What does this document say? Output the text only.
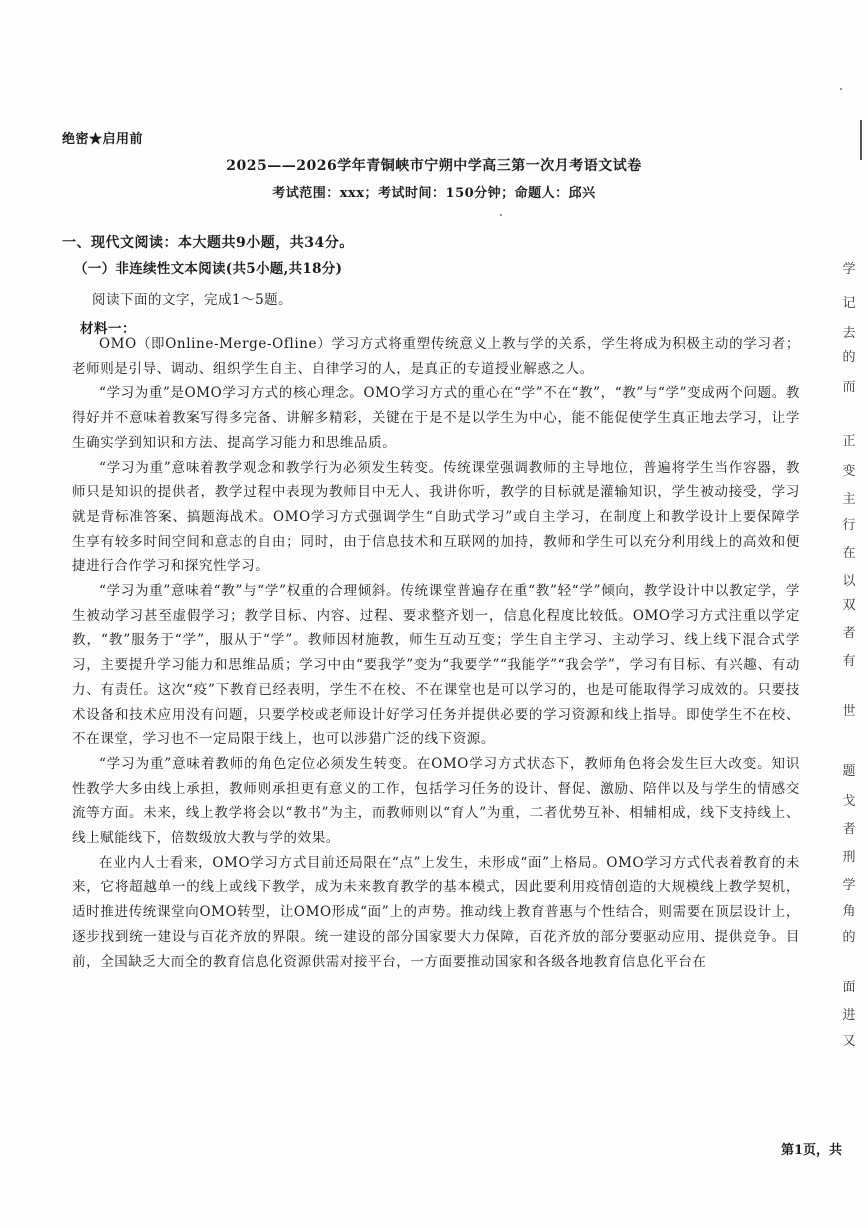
绝密★启用前
2025——2026学年青铜峡市宁朔中学高三第一次月考语文试卷
考试范围：xxx；考试时间：150分钟；命题人：邱兴
一、现代文阅读：本大题共9小题，共34分。
（一）非连续性文本阅读(共5小题,共18分)
阅读下面的文字，完成1～5题。
材料一：

OMO（即Online-Merge-Ofline）学习方式将重塑传统意义上教与学的关系，学生将成为积极主动的学习者；老师则是引导、调动、组织学生自主、自律学习的人，是真正的专道授业解惑之人。

“学习为重”是OMO学习方式的核心理念。OMO学习方式的重心在“学”不在“教”，“教”与“学”变成两个问题。教得好并不意味着教案写得多完备、讲解多精彩，关键在于是不是以学生为中心，能不能促使学生真正地去学习，让学生确实学到知识和方法、提高学习能力和思维品质。

“学习为重”意味着教学观念和教学行为必须发生转变。传统课堂强调教师的主导地位，普遍将学生当作容器，教师只是知识的提供者，教学过程中表现为教师目中无人、我讲你听，教学的目标就是灌输知识，学生被动接受，学习就是背标准答案、搞题海战术。OMO学习方式强调学生“自助式学习”或自主学习，在制度上和教学设计上要保障学生享有较多时间空间和意志的自由；同时，由于信息技术和互联网的加持，教师和学生可以充分利用线上的高效和便捷进行合作学习和探究性学习。

“学习为重”意味着“教”与“学”权重的合理倾斜。传统课堂普遍存在重“教”轻“学”倾向，教学设计中以教定学，学生被动学习甚至虚假学习；教学目标、内容、过程、要求整齐划一，信息化程度比较低。OMO学习方式注重以学定教，“教”服务于“学”，服从于“学”。教师因材施教，师生互动互变；学生自主学习、主动学习、线上线下混合式学习，主要提升学习能力和思维品质；学习中由“要我学”变为“我要学”“我能学”“我会学”，学习有目标、有兴趣、有动力、有责任。这次“疫”下教育已经表明，学生不在校、不在课堂也是可以学习的，也是可能取得学习成效的。只要技术设备和技术应用没有问题，只要学校或老师设计好学习任务并提供必要的学习资源和线上指导。即使学生不在校、不在课堂，学习也不一定局限于线上，也可以涉猎广泛的线下资源。

“学习为重”意味着教师的角色定位必须发生转变。在OMO学习方式状态下，教师角色将会发生巨大改变。知识性教学大多由线上承担，教师则承担更有意义的工作，包括学习任务的设计、督促、激励、陪伴以及与学生的情感交流等方面。未来，线上教学将会以“教书”为主，而教师则以“育人”为重，二者优势互补、相辅相成，线下支持线上、线上赋能线下，倍数级放大教与学的效果。

在业内人士看来，OMO学习方式目前还局限在“点”上发生，未形成“面”上格局。OMO学习方式代表着教育的未来，它将超越单一的线上或线下教学，成为未来教育教学的基本模式，因此要利用疫情创造的大规模线上教学契机，适时推进传统课堂向OMO转型，让OMO形成“面”上的声势。推动线上教育普惠与个性结合，则需要在顶层设计上，逐步找到统一建设与百花齐放的界限。统一建设的部分国家要大力保障，百花齐放的部分要驱动应用、提供竞争。目前，全国缺乏大而全的教育信息化资源供需对接平台，一方面要推动国家和各级各地教育信息化平台在

第1页，共
学
记
去
的
而
正
变
主
行
在
以
双
者
有
世
题
戈
者
刑
学
角
的
面
进
又
